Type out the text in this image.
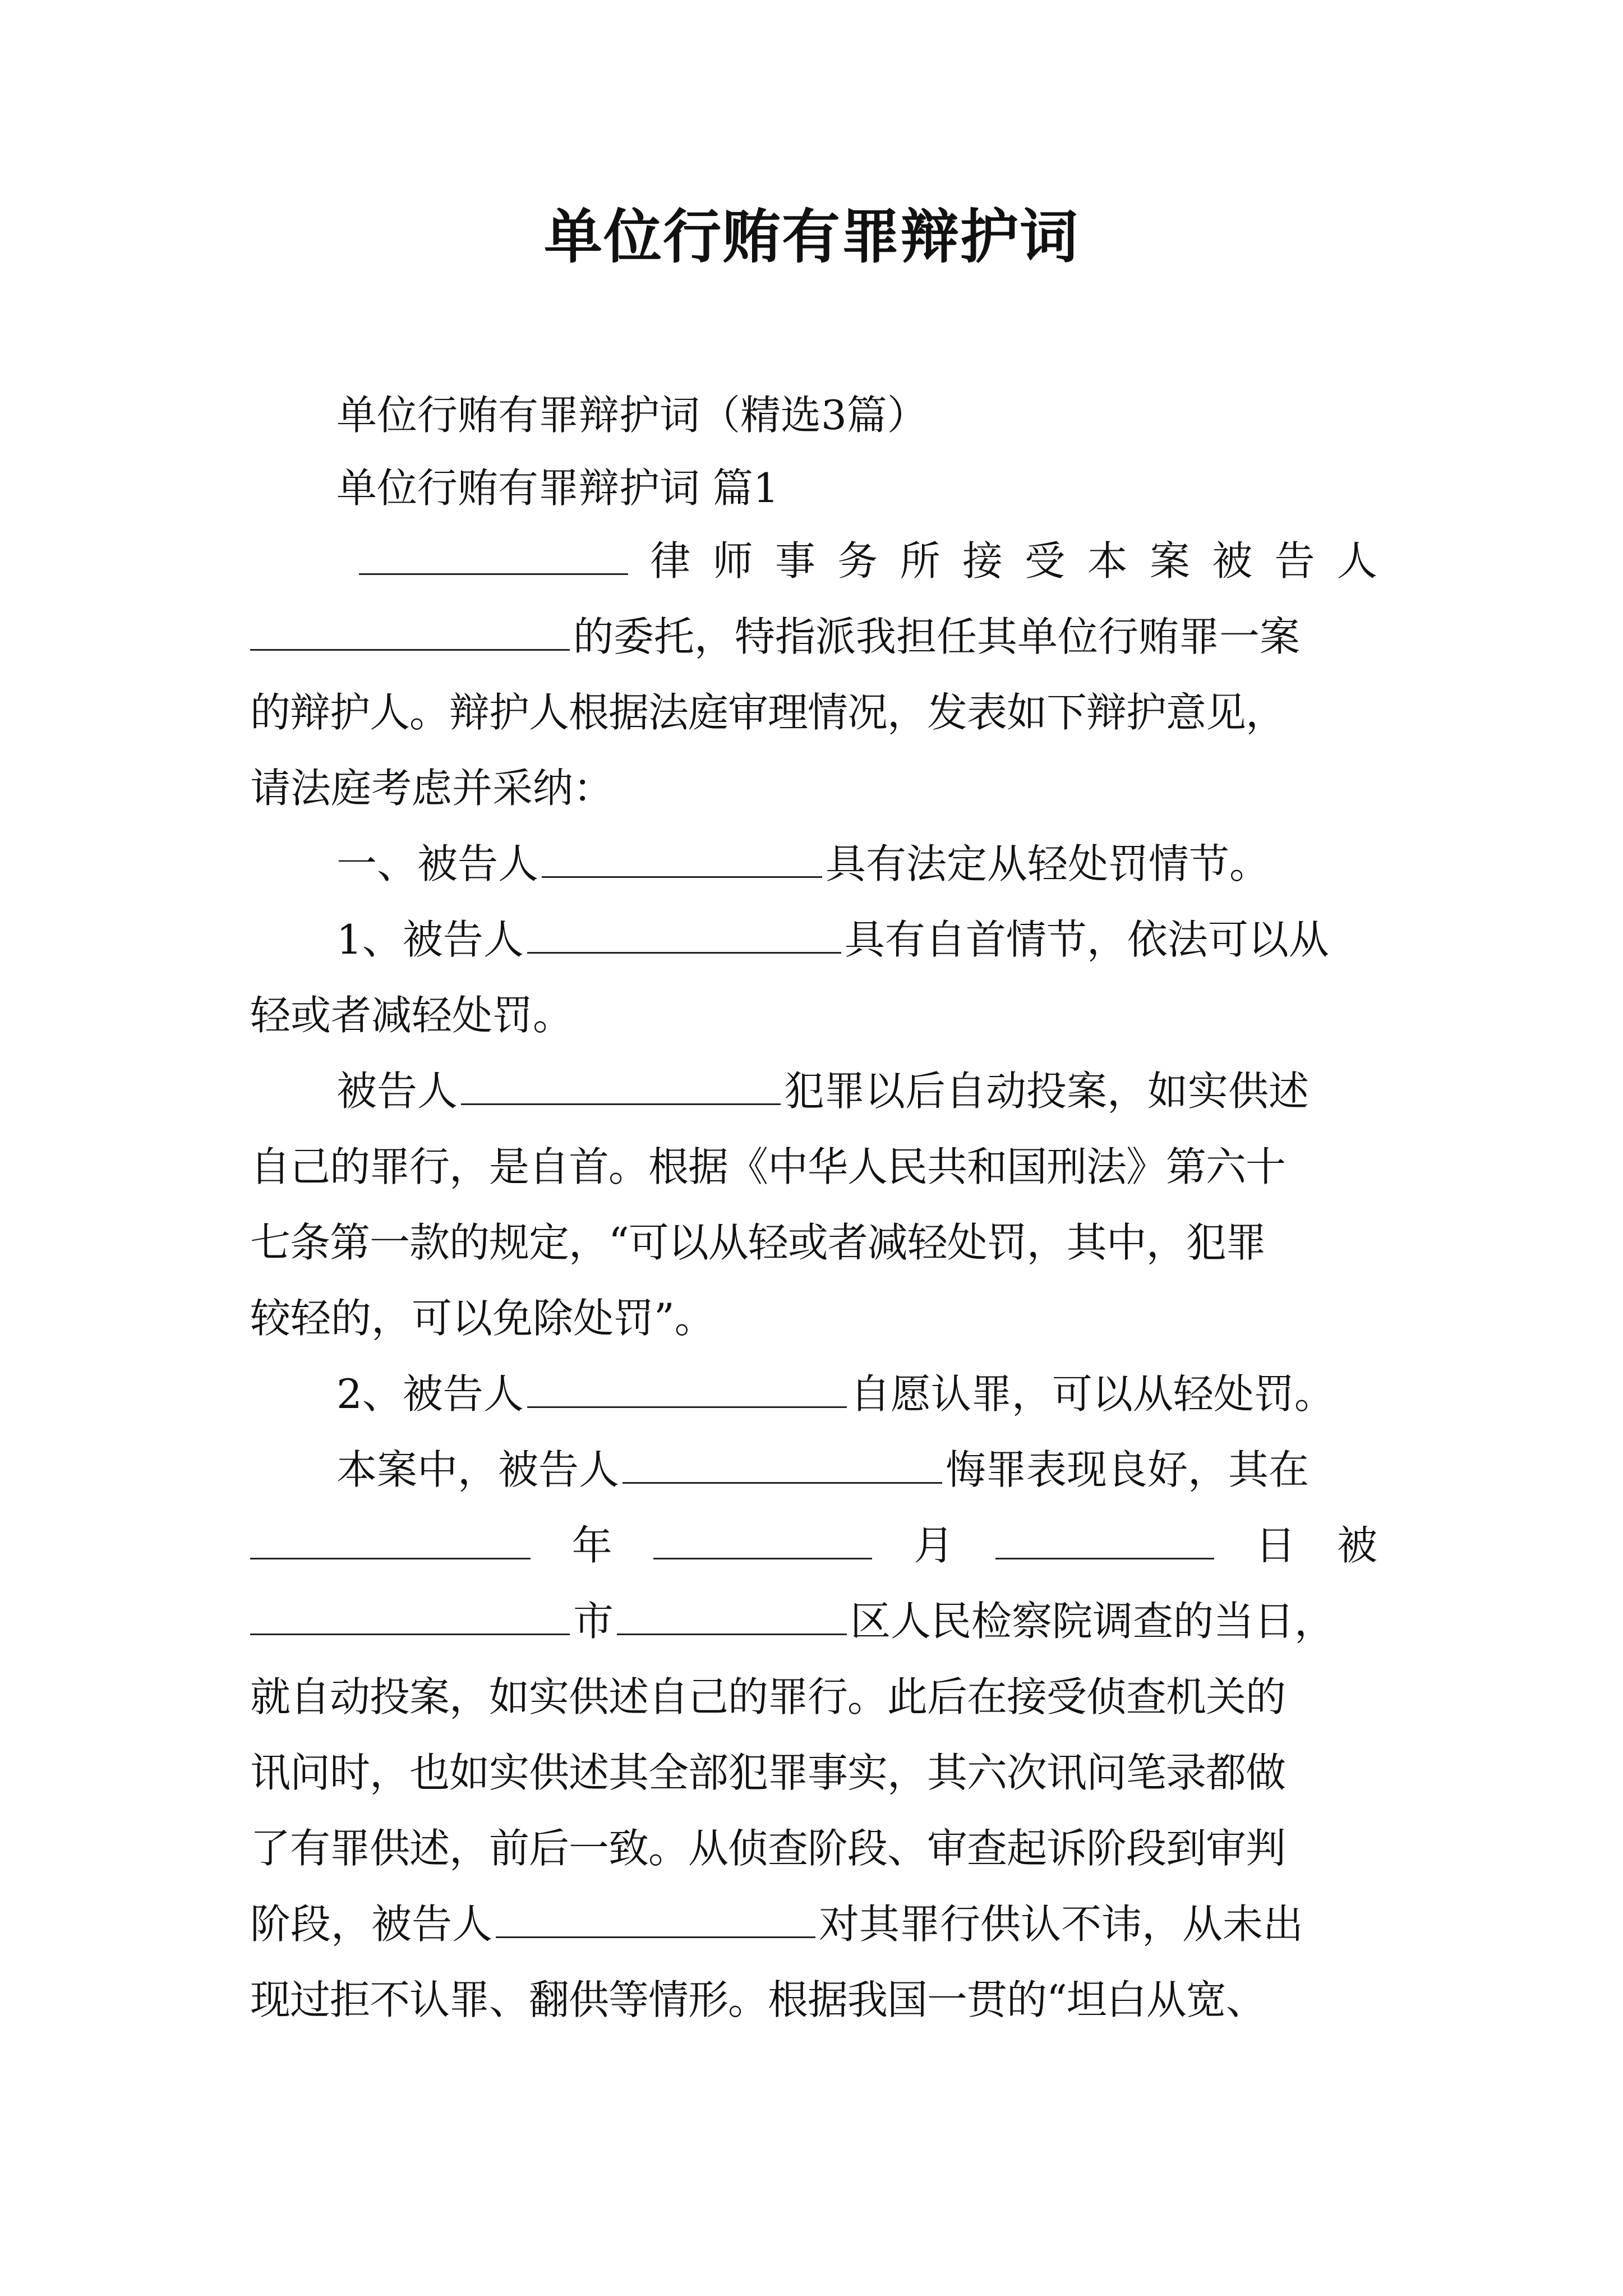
单位行贿有罪辩护词
单位行贿有罪辩护词（精选3篇）
单位行贿有罪辩护词 篇1
律 师 事 务 所 接 受 本 案 被 告 人
的委托，特指派我担任其单位行贿罪一案
的辩护人。辩护人根据法庭审理情况，发表如下辩护意见，
请法庭考虑并采纳：
一、被告人	具有法定从轻处罚情节。
1、被告人	具有自首情节，依法可以从
轻或者减轻处罚。
被告人	犯罪以后自动投案，如实供述
自己的罪行，是自首。根据《中华人民共和国刑法》第六十
七条第一款的规定，“可以从轻或者减轻处罚，其中，犯罪
较轻的，可以免除处罚”。
2、被告人	自愿认罪，可以从轻处罚。
本案中，被告人	悔罪表现良好，其在
年	月	日 被
市	区人民检察院调查的当日，
就自动投案，如实供述自己的罪行。此后在接受侦查机关的
讯问时，也如实供述其全部犯罪事实，其六次讯问笔录都做
了有罪供述，前后一致。从侦查阶段、审查起诉阶段到审判
阶段，被告人	对其罪行供认不讳，从未出
现过拒不认罪、翻供等情形。根据我国一贯的“坦白从宽、
